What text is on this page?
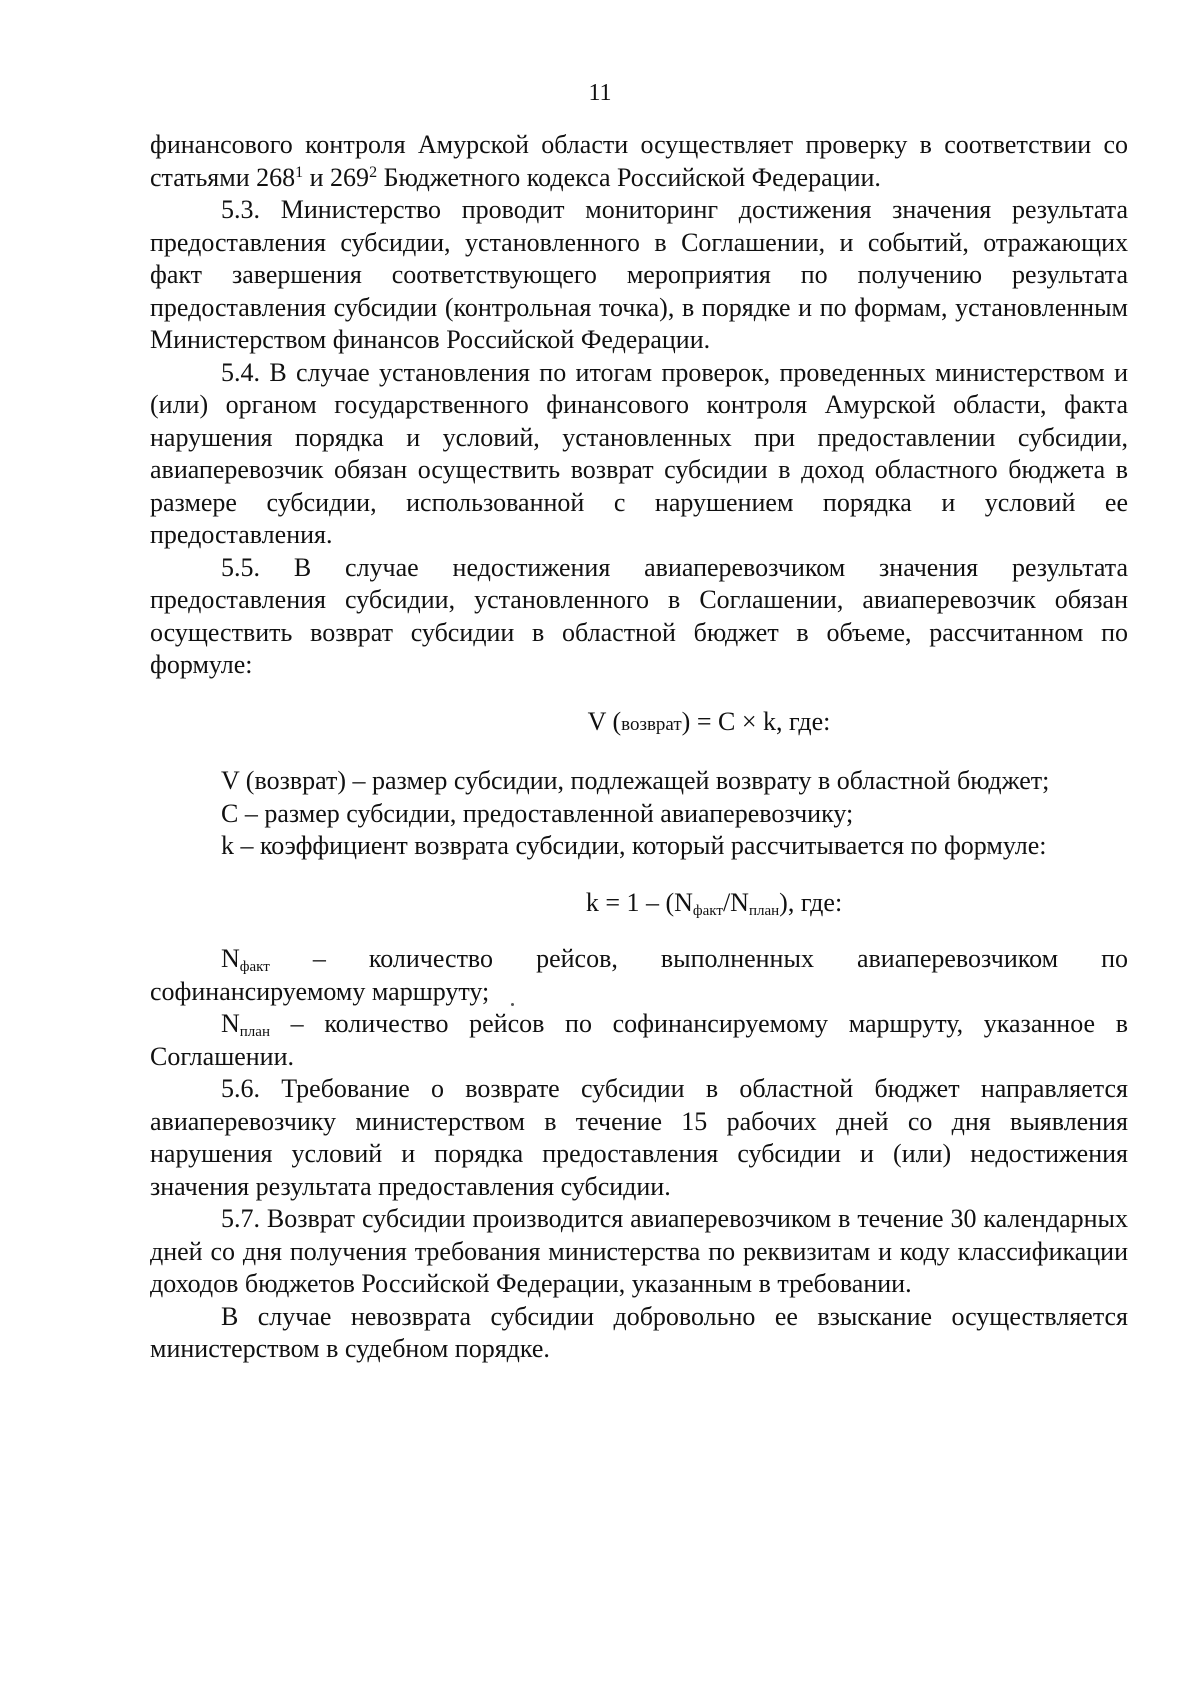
11

финансового контроля Амурской области осуществляет проверку в соответствии со статьями $268^1$ и $269^2$ Бюджетного кодекса Российской Федерации.

5.3. Министерство проводит мониторинг достижения значения результата предоставления субсидии, установленного в Соглашении, и событий, отражающих факт завершения соответствующего мероприятия по получению результата предоставления субсидии (контрольная точка), в порядке и по формам, установленным Министерством финансов Российской Федерации.

5.4. В случае установления по итогам проверок, проведенных министерством и (или) органом государственного финансового контроля Амурской области, факта нарушения порядка и условий, установленных при предоставлении субсидии, авиаперевозчик обязан осуществить возврат субсидии в доход областного бюджета в размере субсидии, использованной с нарушением порядка и условий ее предоставления.

5.5. В случае недостижения авиаперевозчиком значения результата предоставления субсидии, установленного в Соглашении, авиаперевозчик обязан осуществить возврат субсидии в областной бюджет в объеме, рассчитанном по формуле:

V (возврат) = C × k, где:

V (возврат) – размер субсидии, подлежащей возврату в областной бюджет;

C – размер субсидии, предоставленной авиаперевозчику;

k – коэффициент возврата субсидии, который рассчитывается по формуле:

$k = 1 - (N_{факт}/N_{план})$, где:

$N_{факт}$ – количество рейсов, выполненных авиаперевозчиком по софинансируемому маршруту;

$N_{план}$ – количество рейсов по софинансируемому маршруту, указанное в Соглашении.

5.6. Требование о возврате субсидии в областной бюджет направляется авиаперевозчику министерством в течение 15 рабочих дней со дня выявления нарушения условий и порядка предоставления субсидии и (или) недостижения значения результата предоставления субсидии.

5.7. Возврат субсидии производится авиаперевозчиком в течение 30 календарных дней со дня получения требования министерства по реквизитам и коду классификации доходов бюджетов Российской Федерации, указанным в требовании.

В случае невозврата субсидии добровольно ее взыскание осуществляется министерством в судебном порядке.
